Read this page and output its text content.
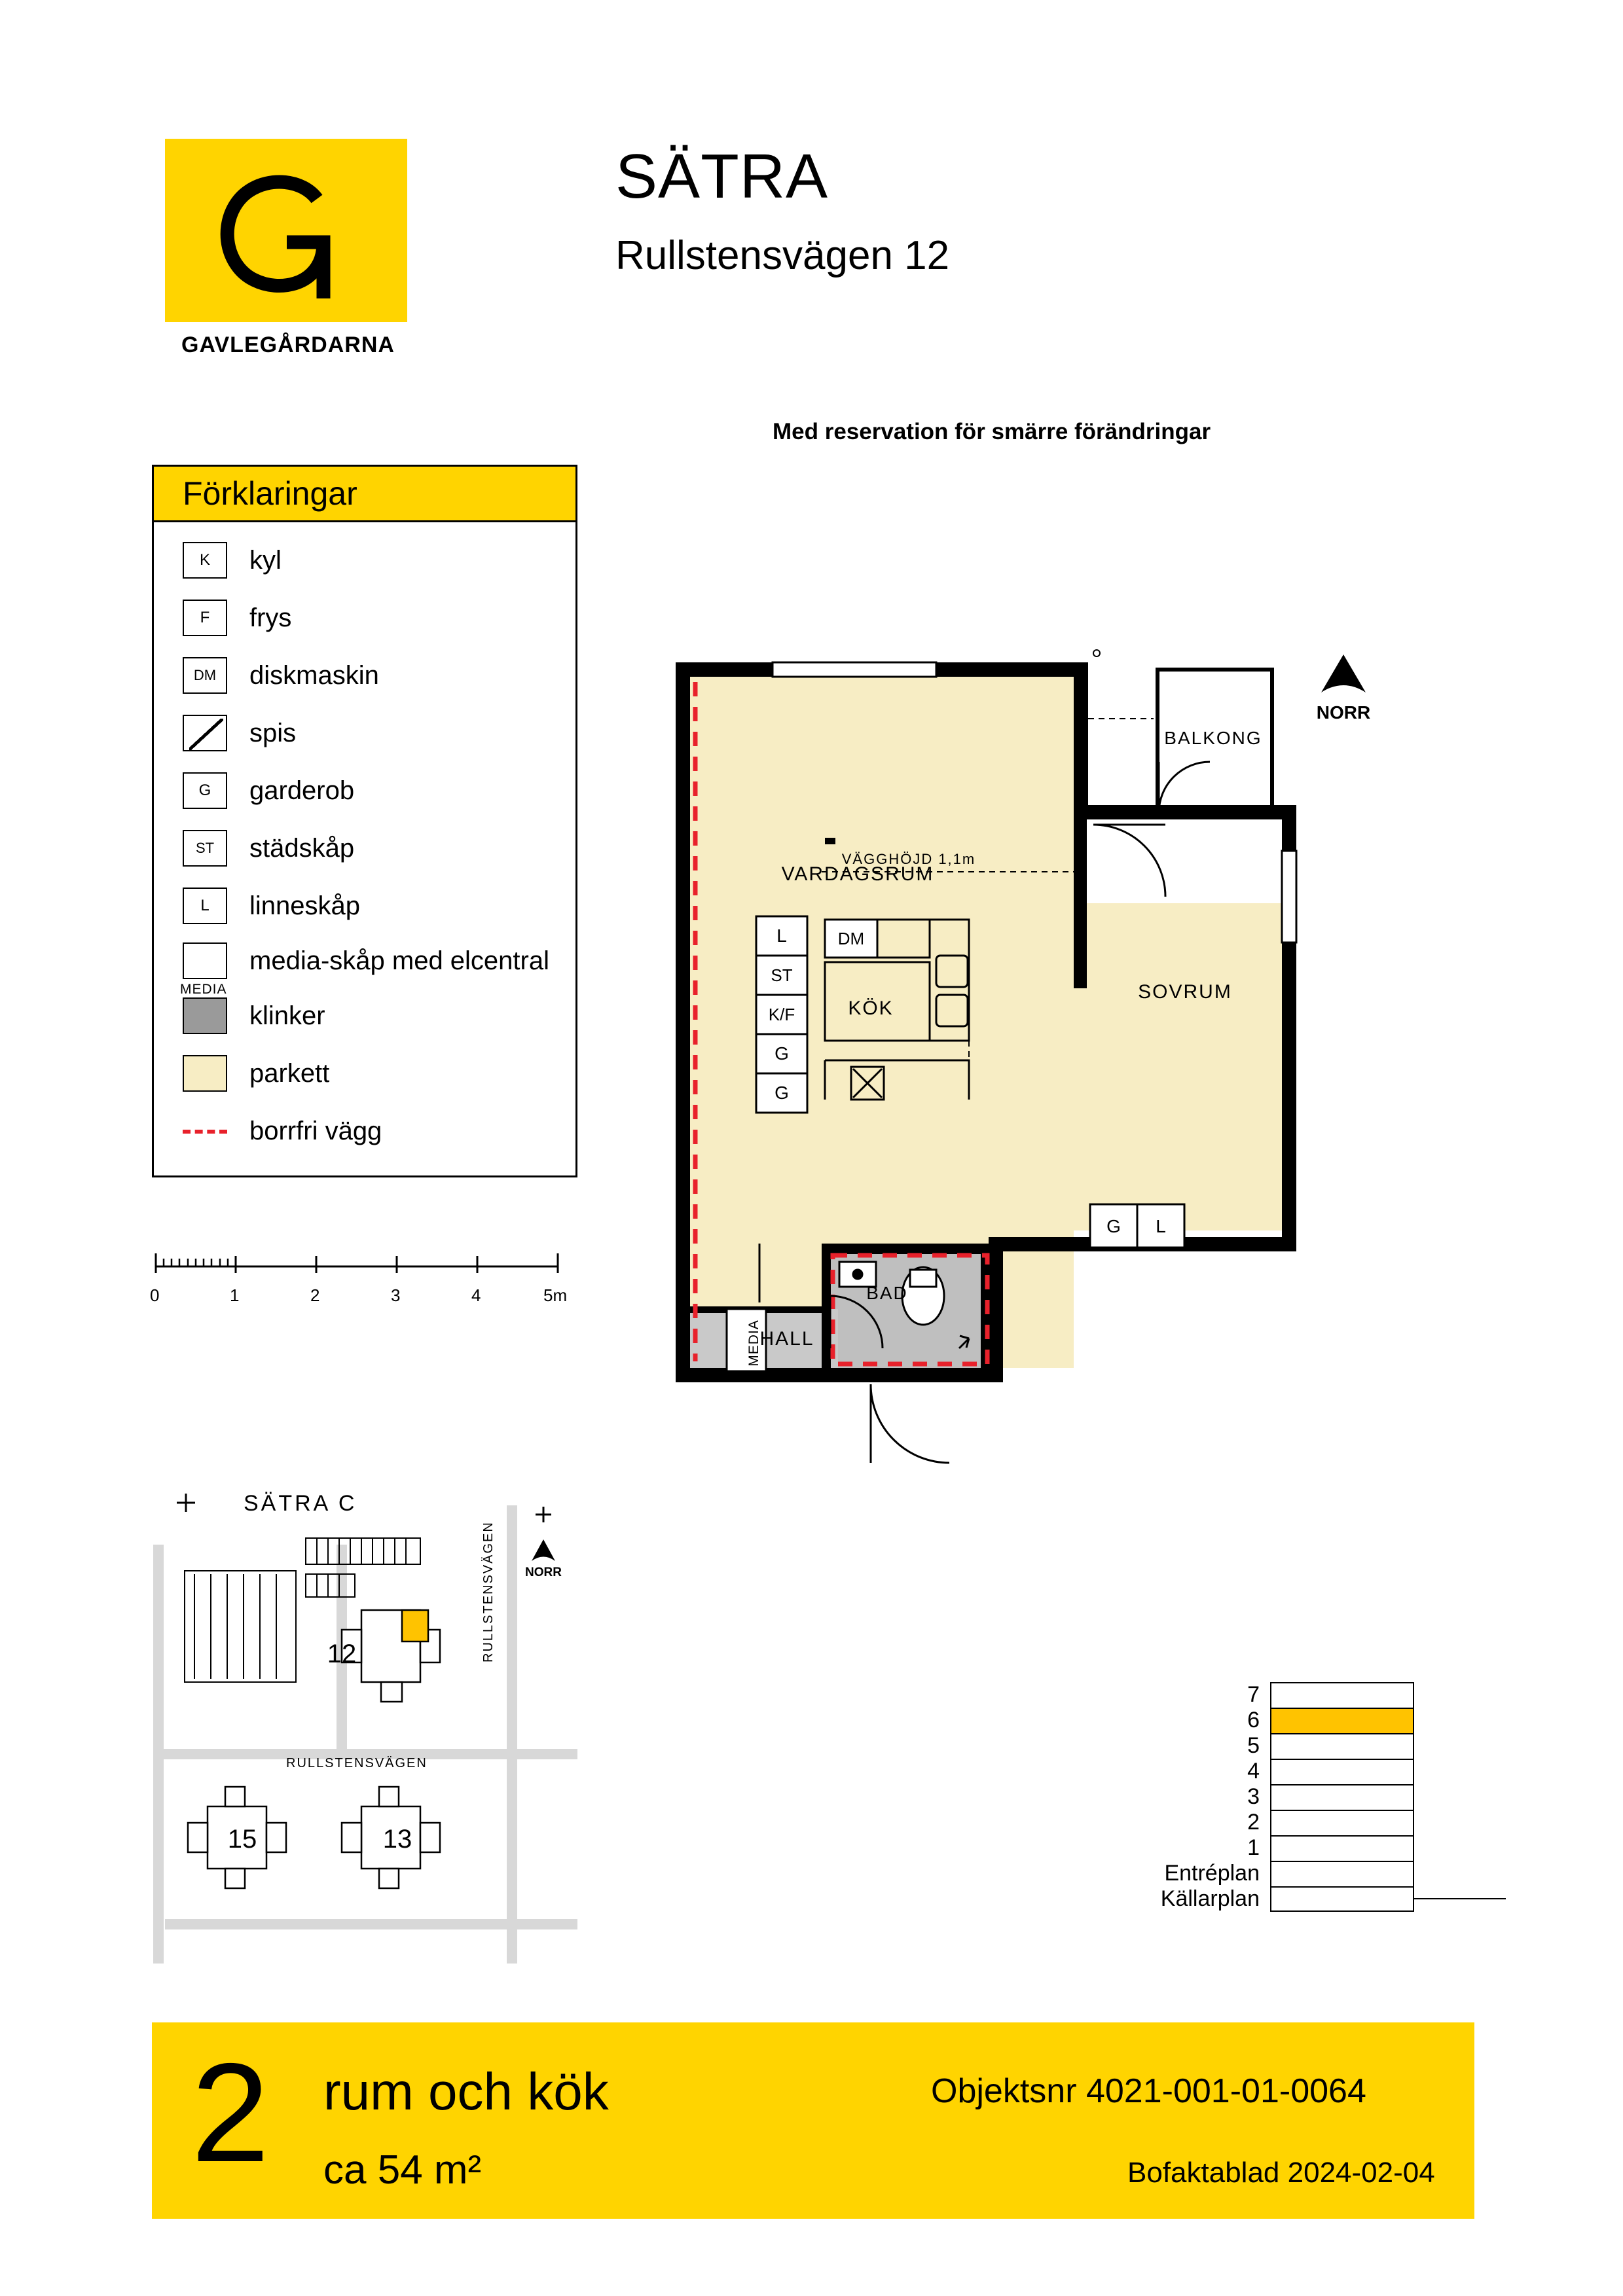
GAVLEGÅRDARNA
SÄTRA
Rullstensvägen 12
Med reservation för smärre förändringar
Förklaringar
K	kyl
F	frys
DM	diskmaskin
spis
G	garderob
ST	städskåp
L	linneskåp
MEDIA
media-skåp med elcentral
klinker
parkett
borrfri vägg
0	1	2	3	4	5m
SÄTRA C
13
15
12	RULLSTENSVÄGEN
RULLSTENSVÄGEN
NORR
L
ST
K/F
G
G
DM
G L
MEDIA
VARDAGSRUM
BALKONG
SOVRUM
KÖK
BAD
HALL
VÄGGHÖJD 1,1m
NORR
7
6
5
4
3
2
1
Entréplan
Källarplan
2 rum och kök
ca 54 m²
Objektsnr 4021-001-01-0064
Bofaktablad 2024-02-04
